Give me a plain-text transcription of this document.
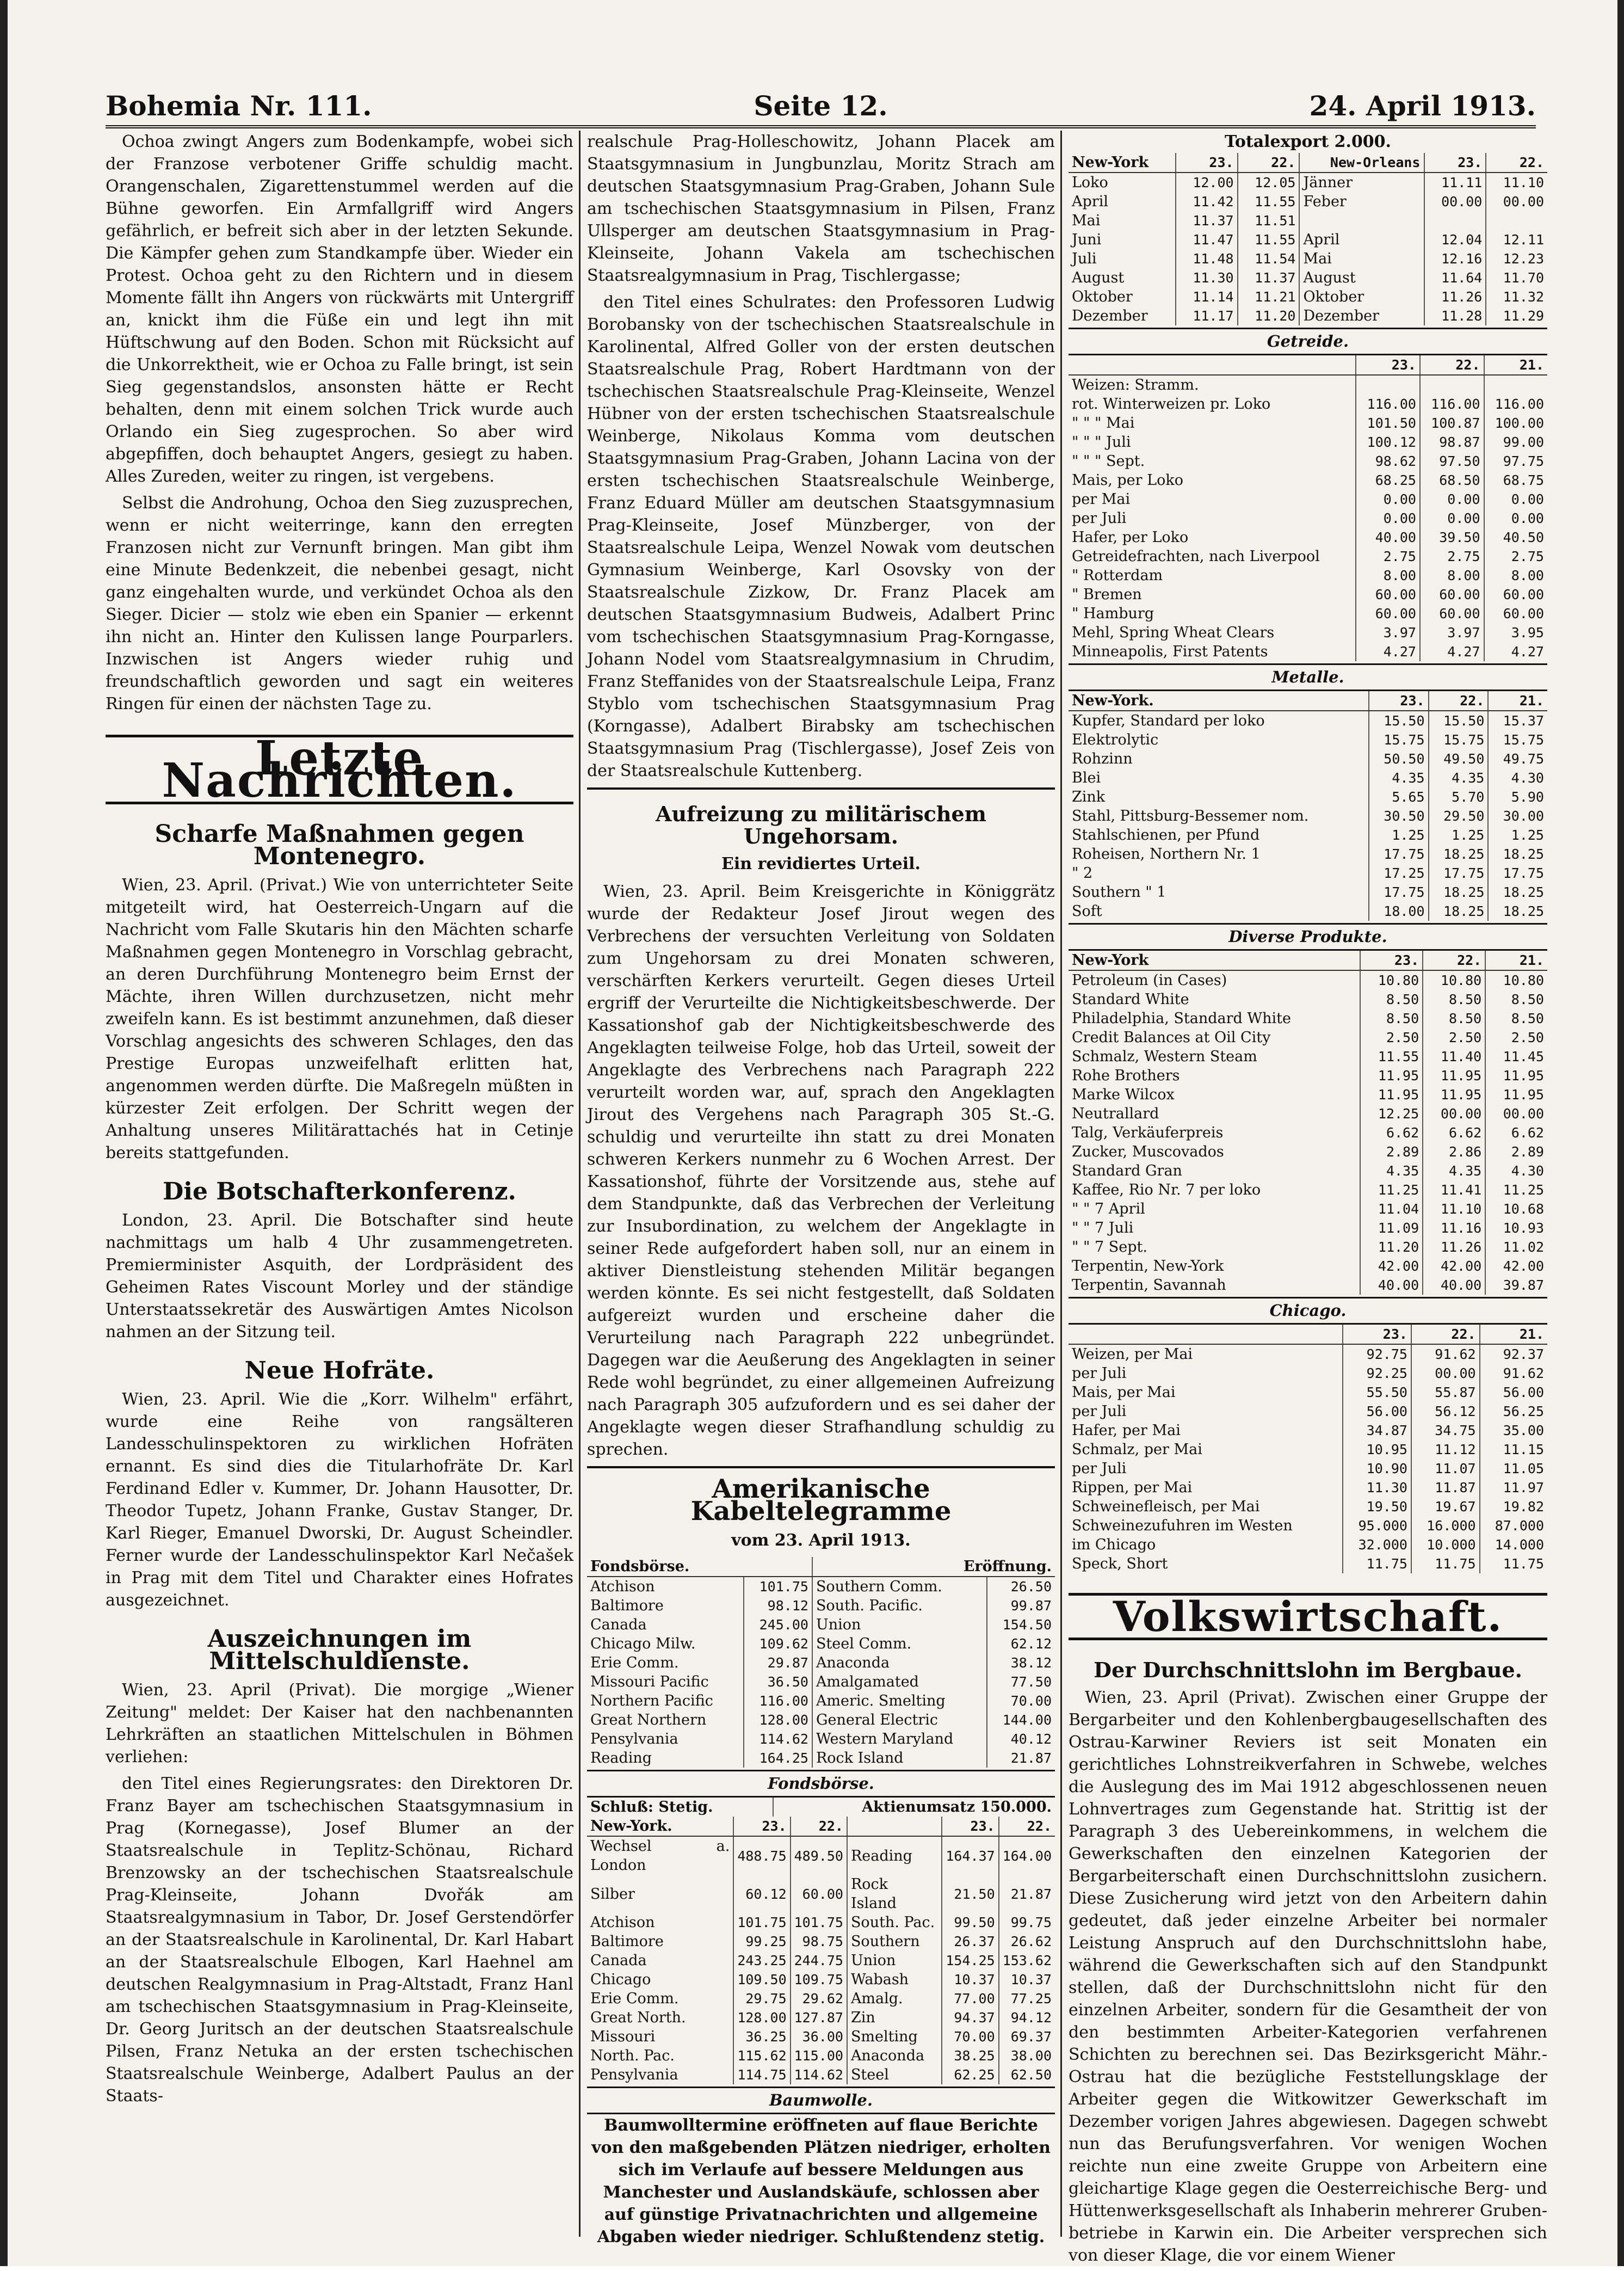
Bohemia Nr. 111.	Seite 12.	24. April 1913.

Ochoa zwingt Angers zum Bodenkampfe, wobei sich der Franzose verbotener Griffe schuldig macht. Orangenschalen, Zigarettenstummel werden auf die Bühne geworfen. Ein Armfallgriff wird Angers gefährlich, er befreit sich aber in der letzten Sekunde. Die Kämpfer gehen zum Standkampfe über. Wieder ein Protest. Ochoa geht zu den Richtern und in diesem Momente fällt ihn Angers von rückwärts mit Untergriff an, knickt ihm die Füße ein und legt ihn mit Hüftschwung auf den Boden. Schon mit Rücksicht auf die Unkorrektheit, wie er Ochoa zu Falle bringt, ist sein Sieg gegenstandslos, ansonsten hätte er Recht behalten, denn mit einem solchen Trick wurde auch Orlando ein Sieg zugesprochen. So aber wird abgepfiffen, doch behauptet Angers, gesiegt zu haben. Alles Zureden, weiter zu ringen, ist vergebens.

Selbst die Androhung, Ochoa den Sieg zuzusprechen, wenn er nicht weiterringe, kann den erregten Franzosen nicht zur Vernunft bringen. Man gibt ihm eine Minute Bedenkzeit, die nebenbei gesagt, nicht ganz eingehalten wurde, und verkündet Ochoa als den Sieger. Dicier — stolz wie eben ein Spanier — erkennt ihn nicht an. Hinter den Kulissen lange Pourparlers. Inzwischen ist Angers wieder ruhig und freundschaftlich geworden und sagt ein weiteres Ringen für einen der nächsten Tage zu.

Letzte Nachrichten.
Scharfe Maßnahmen gegen Montenegro.

Wien, 23. April. (Privat.) Wie von unterrichteter Seite mitgeteilt wird, hat Oesterreich-Ungarn auf die Nachricht vom Falle Skutaris hin den Mächten scharfe Maßnahmen gegen Montenegro in Vorschlag gebracht, an deren Durchführung Montenegro beim Ernst der Mächte, ihren Willen durchzusetzen, nicht mehr zweifeln kann. Es ist bestimmt anzunehmen, daß dieser Vorschlag angesichts des schweren Schlages, den das Prestige Europas unzweifelhaft erlitten hat, angenommen werden dürfte. Die Maßregeln müßten in kürzester Zeit erfolgen. Der Schritt wegen der Anhaltung unseres Militärattachés hat in Cetinje bereits stattgefunden.

Die Botschafterkonferenz.

London, 23. April. Die Botschafter sind heute nachmittags um halb 4 Uhr zusammengetreten. Premierminister Asquith, der Lordpräsident des Geheimen Rates Viscount Morley und der ständige Unterstaatssekretär des Auswärtigen Amtes Nicolson nahmen an der Sitzung teil.

Neue Hofräte.

Wien, 23. April. Wie die „Korr. Wilhelm" erfährt, wurde eine Reihe von rangsälteren Landesschulinspektoren zu wirklichen Hofräten ernannt. Es sind dies die Titularhofräte Dr. Karl Ferdinand Edler v. Kummer, Dr. Johann Hausotter, Dr. Theodor Tupetz, Johann Franke, Gustav Stanger, Dr. Karl Rieger, Emanuel Dworski, Dr. August Scheindler. Ferner wurde der Landesschulinspektor Karl Nečašek in Prag mit dem Titel und Charakter eines Hofrates ausgezeichnet.

Auszeichnungen im Mittelschuldienste.

Wien, 23. April (Privat). Die morgige „Wiener Zeitung" meldet: Der Kaiser hat den nachbenannten Lehrkräften an staatlichen Mittelschulen in Böhmen verliehen:

den Titel eines Regierungsrates: den Direktoren Dr. Franz Bayer am tschechischen Staatsgymnasium in Prag (Kornegasse), Josef Blumer an der Staatsrealschule in Teplitz-Schönau, Richard Brenzowsky an der tschechischen Staatsrealschule Prag-Kleinseite, Johann Dvořák am Staatsrealgymnasium in Tabor, Dr. Josef Gerstendörfer an der Staatsrealschule in Karolinental, Dr. Karl Habart an der Staatsrealschule Elbogen, Karl Haehnel am deutschen Realgymnasium in Prag-Altstadt, Franz Hanl am tschechischen Staatsgymnasium in Prag-Kleinseite, Dr. Georg Juritsch an der deutschen Staatsrealschule Pilsen, Franz Netuka an der ersten tschechischen Staatsrealschule Weinberge, Adalbert Paulus an der Staats-

realschule Prag-Holleschowitz, Johann Placek am Staatsgymnasium in Jungbunzlau, Moritz Strach am deutschen Staatsgymnasium Prag-Graben, Johann Sule am tschechischen Staatsgymnasium in Pilsen, Franz Ullsperger am deutschen Staatsgymnasium in Prag-Kleinseite, Johann Vakela am tschechischen Staatsrealgymnasium in Prag, Tischlergasse;

den Titel eines Schulrates: den Professoren Ludwig Borobansky von der tschechischen Staatsrealschule in Karolinental, Alfred Goller von der ersten deutschen Staatsrealschule Prag, Robert Hardtmann von der tschechischen Staatsrealschule Prag-Kleinseite, Wenzel Hübner von der ersten tschechischen Staatsrealschule Weinberge, Nikolaus Komma vom deutschen Staatsgymnasium Prag-Graben, Johann Lacina von der ersten tschechischen Staatsrealschule Weinberge, Franz Eduard Müller am deutschen Staatsgymnasium Prag-Kleinseite, Josef Münzberger, von der Staatsrealschule Leipa, Wenzel Nowak vom deutschen Gymnasium Weinberge, Karl Osovsky von der Staatsrealschule Zizkow, Dr. Franz Placek am deutschen Staatsgymnasium Budweis, Adalbert Princ vom tschechischen Staatsgymnasium Prag-Korngasse, Johann Nodel vom Staatsrealgymnasium in Chrudim, Franz Steffanides von der Staatsrealschule Leipa, Franz Styblo vom tschechischen Staatsgymnasium Prag (Korngasse), Adalbert Birabsky am tschechischen Staatsgymnasium Prag (Tischlergasse), Josef Zeis von der Staatsrealschule Kuttenberg.

Aufreizung zu militärischem Ungehorsam.
Ein revidiertes Urteil.

Wien, 23. April. Beim Kreisgerichte in Königgrätz wurde der Redakteur Josef Jirout wegen des Verbrechens der versuchten Verleitung von Soldaten zum Ungehorsam zu drei Monaten schweren, verschärften Kerkers verurteilt. Gegen dieses Urteil ergriff der Verurteilte die Nichtigkeitsbeschwerde. Der Kassationshof gab der Nichtigkeitsbeschwerde des Angeklagten teilweise Folge, hob das Urteil, soweit der Angeklagte des Verbrechens nach Paragraph 222 verurteilt worden war, auf, sprach den Angeklagten Jirout des Vergehens nach Paragraph 305 St.-G. schuldig und verurteilte ihn statt zu drei Monaten schweren Kerkers nunmehr zu 6 Wochen Arrest. Der Kassationshof, führte der Vorsitzende aus, stehe auf dem Standpunkte, daß das Verbrechen der Verleitung zur Insubordination, zu welchem der Angeklagte in seiner Rede aufgefordert haben soll, nur an einem in aktiver Dienstleistung stehenden Militär begangen werden könnte. Es sei nicht festgestellt, daß Soldaten aufgereizt wurden und erscheine daher die Verurteilung nach Paragraph 222 unbegründet. Dagegen war die Aeußerung des Angeklagten in seiner Rede wohl begründet, zu einer allgemeinen Aufreizung nach Paragraph 305 aufzufordern und es sei daher der Angeklagte wegen dieser Strafhandlung schuldig zu sprechen.

Amerikanische Kabeltelegramme
vom 23. April 1913.
Fondsbörse.		Eröffnung.	
Atchison	101.75	Southern Comm.	26.50
Baltimore	98.12	South. Pacific.	99.87
Canada	245.00	Union	154.50
Chicago Milw.	109.62	Steel Comm.	62.12
Erie Comm.	29.87	Anaconda	38.12
Missouri Pacific	36.50	Amalgamated	77.50
Northern Pacific	116.00	Americ. Smelting	70.00
Great Northern	128.00	General Electric	144.00
Pensylvania	114.62	Western Maryland	40.12
Reading	164.25	Rock Island	21.87
Fondsbörse.
Schluß: Stetig.	Aktienumsatz 150.000.
New-York.	23.	22.		23.	22.
Wechsel a. London	488.75	489.50	Reading	164.37	164.00
Silber	60.12	60.00	Rock Island	21.50	21.87
Atchison	101.75	101.75	South. Pac.	99.50	99.75
Baltimore	99.25	98.75	Southern	26.37	26.62
Canada	243.25	244.75	Union	154.25	153.62
Chicago	109.50	109.75	Wabash	10.37	10.37
Erie Comm.	29.75	29.62	Amalg.	77.00	77.25
Great North.	128.00	127.87	Zin	94.37	94.12
Missouri	36.25	36.00	Smelting	70.00	69.37
North. Pac.	115.62	115.00	Anaconda	38.25	38.00
Pensylvania	114.75	114.62	Steel	62.25	62.50
Baumwolle.

Baumwolltermine eröffneten auf flaue Berichte von den maßgebenden Plätzen niedriger, erholten sich im Verlaufe auf bessere Meldungen aus Manchester und Auslandskäufe, schlossen aber auf günstige Privatnachrichten und allgemeine Abgaben wieder niedriger. Schlußtendenz stetig.

Totalexport 2.000.
New-York	23.	22.	New-Orleans	23.	22.
Loko	12.00	12.05	Jänner	11.11	11.10
April	11.42	11.55	Feber	00.00	00.00
Mai	11.37	11.51			
Juni	11.47	11.55	April	12.04	12.11
Juli	11.48	11.54	Mai	12.16	12.23
August	11.30	11.37	August	11.64	11.70
Oktober	11.14	11.21	Oktober	11.26	11.32
Dezember	11.17	11.20	Dezember	11.28	11.29
Getreide.
	23.	22.	21.
Weizen: Stramm.			
rot. Winterweizen pr. Loko	116.00	116.00	116.00
" " " Mai	101.50	100.87	100.00
" " " Juli	100.12	98.87	99.00
" " " Sept.	98.62	97.50	97.75
Mais, per Loko	68.25	68.50	68.75
per Mai	0.00	0.00	0.00
per Juli	0.00	0.00	0.00
Hafer, per Loko	40.00	39.50	40.50
Getreidefrachten, nach Liverpool	2.75	2.75	2.75
" Rotterdam	8.00	8.00	8.00
" Bremen	60.00	60.00	60.00
" Hamburg	60.00	60.00	60.00
Mehl, Spring Wheat Clears	3.97	3.97	3.95
Minneapolis, First Patents	4.27	4.27	4.27
Metalle.
New-York.	23.	22.	21.
Kupfer, Standard per loko	15.50	15.50	15.37
Elektrolytic	15.75	15.75	15.75
Rohzinn	50.50	49.50	49.75
Blei	4.35	4.35	4.30
Zink	5.65	5.70	5.90
Stahl, Pittsburg-Bessemer nom.	30.50	29.50	30.00
Stahlschienen, per Pfund	1.25	1.25	1.25
Roheisen, Northern Nr. 1	17.75	18.25	18.25
" 2	17.25	17.75	17.75
Southern " 1	17.75	18.25	18.25
Soft	18.00	18.25	18.25
Diverse Produkte.
New-York	23.	22.	21.
Petroleum (in Cases)	10.80	10.80	10.80
Standard White	8.50	8.50	8.50
Philadelphia, Standard White	8.50	8.50	8.50
Credit Balances at Oil City	2.50	2.50	2.50
Schmalz, Western Steam	11.55	11.40	11.45
Rohe Brothers	11.95	11.95	11.95
Marke Wilcox	11.95	11.95	11.95
Neutrallard	12.25	00.00	00.00
Talg, Verkäuferpreis	6.62	6.62	6.62
Zucker, Muscovados	2.89	2.86	2.89
Standard Gran	4.35	4.35	4.30
Kaffee, Rio Nr. 7 per loko	11.25	11.41	11.25
" " 7 April	11.04	11.10	10.68
" " 7 Juli	11.09	11.16	10.93
" " 7 Sept.	11.20	11.26	11.02
Terpentin, New-York	42.00	42.00	42.00
Terpentin, Savannah	40.00	40.00	39.87
Chicago.
	23.	22.	21.
Weizen, per Mai	92.75	91.62	92.37
per Juli	92.25	00.00	91.62
Mais, per Mai	55.50	55.87	56.00
per Juli	56.00	56.12	56.25
Hafer, per Mai	34.87	34.75	35.00
Schmalz, per Mai	10.95	11.12	11.15
per Juli	10.90	11.07	11.05
Rippen, per Mai	11.30	11.87	11.97
Schweinefleisch, per Mai	19.50	19.67	19.82
Schweinezufuhren im Westen	95.000	16.000	87.000
im Chicago	32.000	10.000	14.000
Speck, Short	11.75	11.75	11.75
Volkswirtschaft.
Der Durchschnittslohn im Bergbaue.

Wien, 23. April (Privat). Zwischen einer Gruppe der Bergarbeiter und den Kohlenbergbaugesellschaften des Ostrau-Karwiner Reviers ist seit Monaten ein gerichtliches Lohnstreikverfahren in Schwebe, welches die Auslegung des im Mai 1912 abgeschlossenen neuen Lohnvertrages zum Gegenstande hat. Strittig ist der Paragraph 3 des Uebereinkommens, in welchem die Gewerkschaften den einzelnen Kategorien der Bergarbeiterschaft einen Durchschnittslohn zusichern. Diese Zusicherung wird jetzt von den Arbeitern dahin gedeutet, daß jeder einzelne Arbeiter bei normaler Leistung Anspruch auf den Durchschnittslohn habe, während die Gewerkschaften sich auf den Standpunkt stellen, daß der Durchschnittslohn nicht für den einzelnen Arbeiter, sondern für die Gesamtheit der von den bestimmten Arbeiter-Kategorien verfahrenen Schichten zu berechnen sei. Das Bezirksgericht Mähr.-Ostrau hat die bezügliche Feststellungsklage der Arbeiter gegen die Witkowitzer Gewerkschaft im Dezember vorigen Jahres abgewiesen. Dagegen schwebt nun das Berufungsverfahren. Vor wenigen Wochen reichte nun eine zweite Gruppe von Arbeitern eine gleichartige Klage gegen die Oesterreichische Berg- und Hüttenwerksgesellschaft als Inhaberin mehrerer Gruben-betriebe in Karwin ein. Die Arbeiter versprechen sich von dieser Klage, die vor einem Wiener
